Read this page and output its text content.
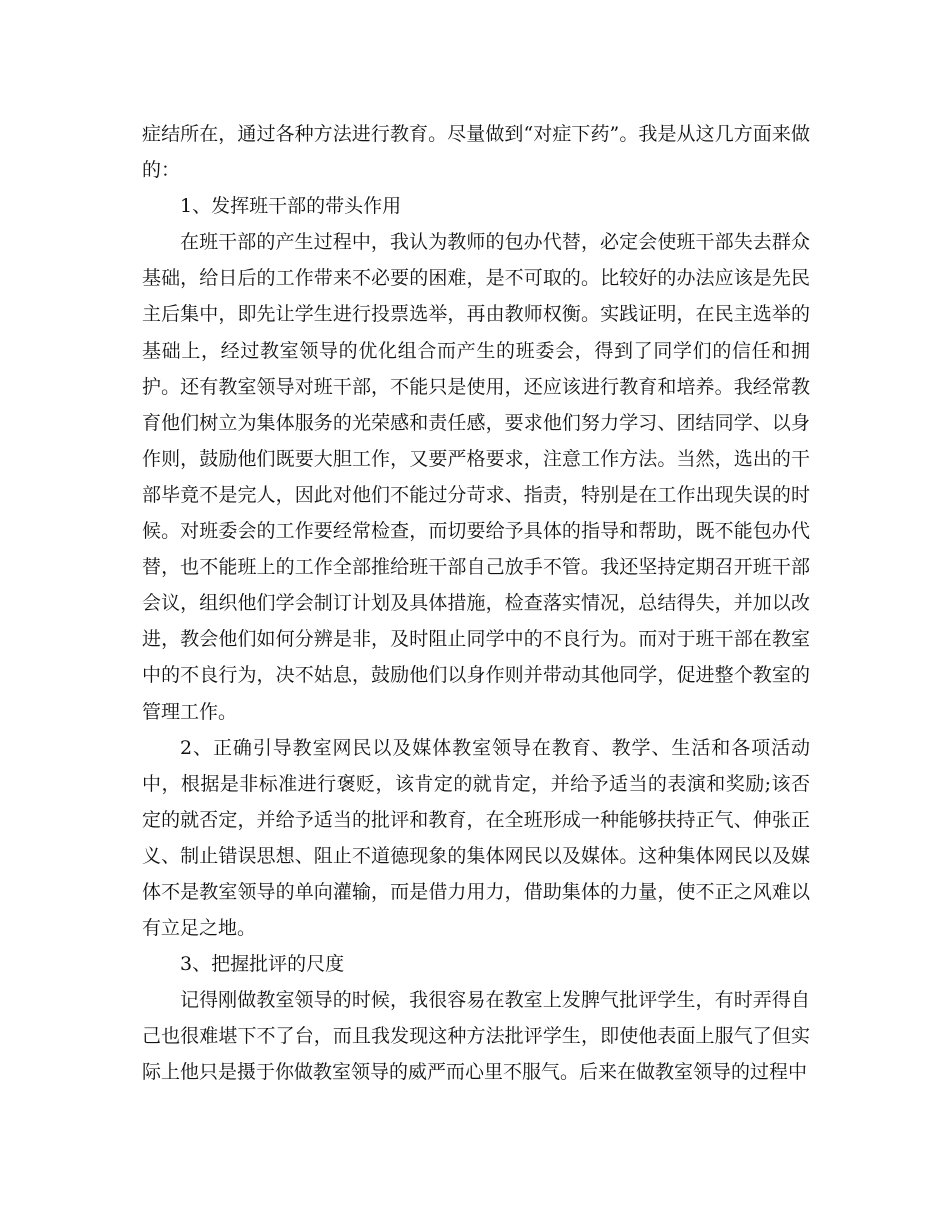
症结所在，通过各种方法进行教育。尽量做到“对症下药”。我是从这几方面来做的：

1、发挥班干部的带头作用

在班干部的产生过程中，我认为教师的包办代替，必定会使班干部失去群众基础，给日后的工作带来不必要的困难，是不可取的。比较好的办法应该是先民主后集中，即先让学生进行投票选举，再由教师权衡。实践证明，在民主选举的基础上，经过教室领导的优化组合而产生的班委会，得到了同学们的信任和拥护。还有教室领导对班干部，不能只是使用，还应该进行教育和培养。我经常教育他们树立为集体服务的光荣感和责任感，要求他们努力学习、团结同学、以身作则，鼓励他们既要大胆工作，又要严格要求，注意工作方法。当然，选出的干部毕竟不是完人，因此对他们不能过分苛求、指责，特别是在工作出现失误的时候。对班委会的工作要经常检查，而切要给予具体的指导和帮助，既不能包办代替，也不能班上的工作全部推给班干部自己放手不管。我还坚持定期召开班干部会议，组织他们学会制订计划及具体措施，检查落实情况，总结得失，并加以改进，教会他们如何分辨是非，及时阻止同学中的不良行为。而对于班干部在教室中的不良行为，决不姑息，鼓励他们以身作则并带动其他同学，促进整个教室的管理工作。

2、正确引导教室网民以及媒体教室领导在教育、教学、生活和各项活动中，根据是非标准进行褒贬，该肯定的就肯定，并给予适当的表演和奖励;该否定的就否定，并给予适当的批评和教育，在全班形成一种能够扶持正气、伸张正义、制止错误思想、阻止不道德现象的集体网民以及媒体。这种集体网民以及媒体不是教室领导的单向灌输，而是借力用力，借助集体的力量，使不正之风难以有立足之地。

3、把握批评的尺度

记得刚做教室领导的时候，我很容易在教室上发脾气批评学生，有时弄得自己也很难堪下不了台，而且我发现这种方法批评学生，即使他表面上服气了但实际上他只是摄于你做教室领导的威严而心里不服气。后来在做教室领导的过程中
